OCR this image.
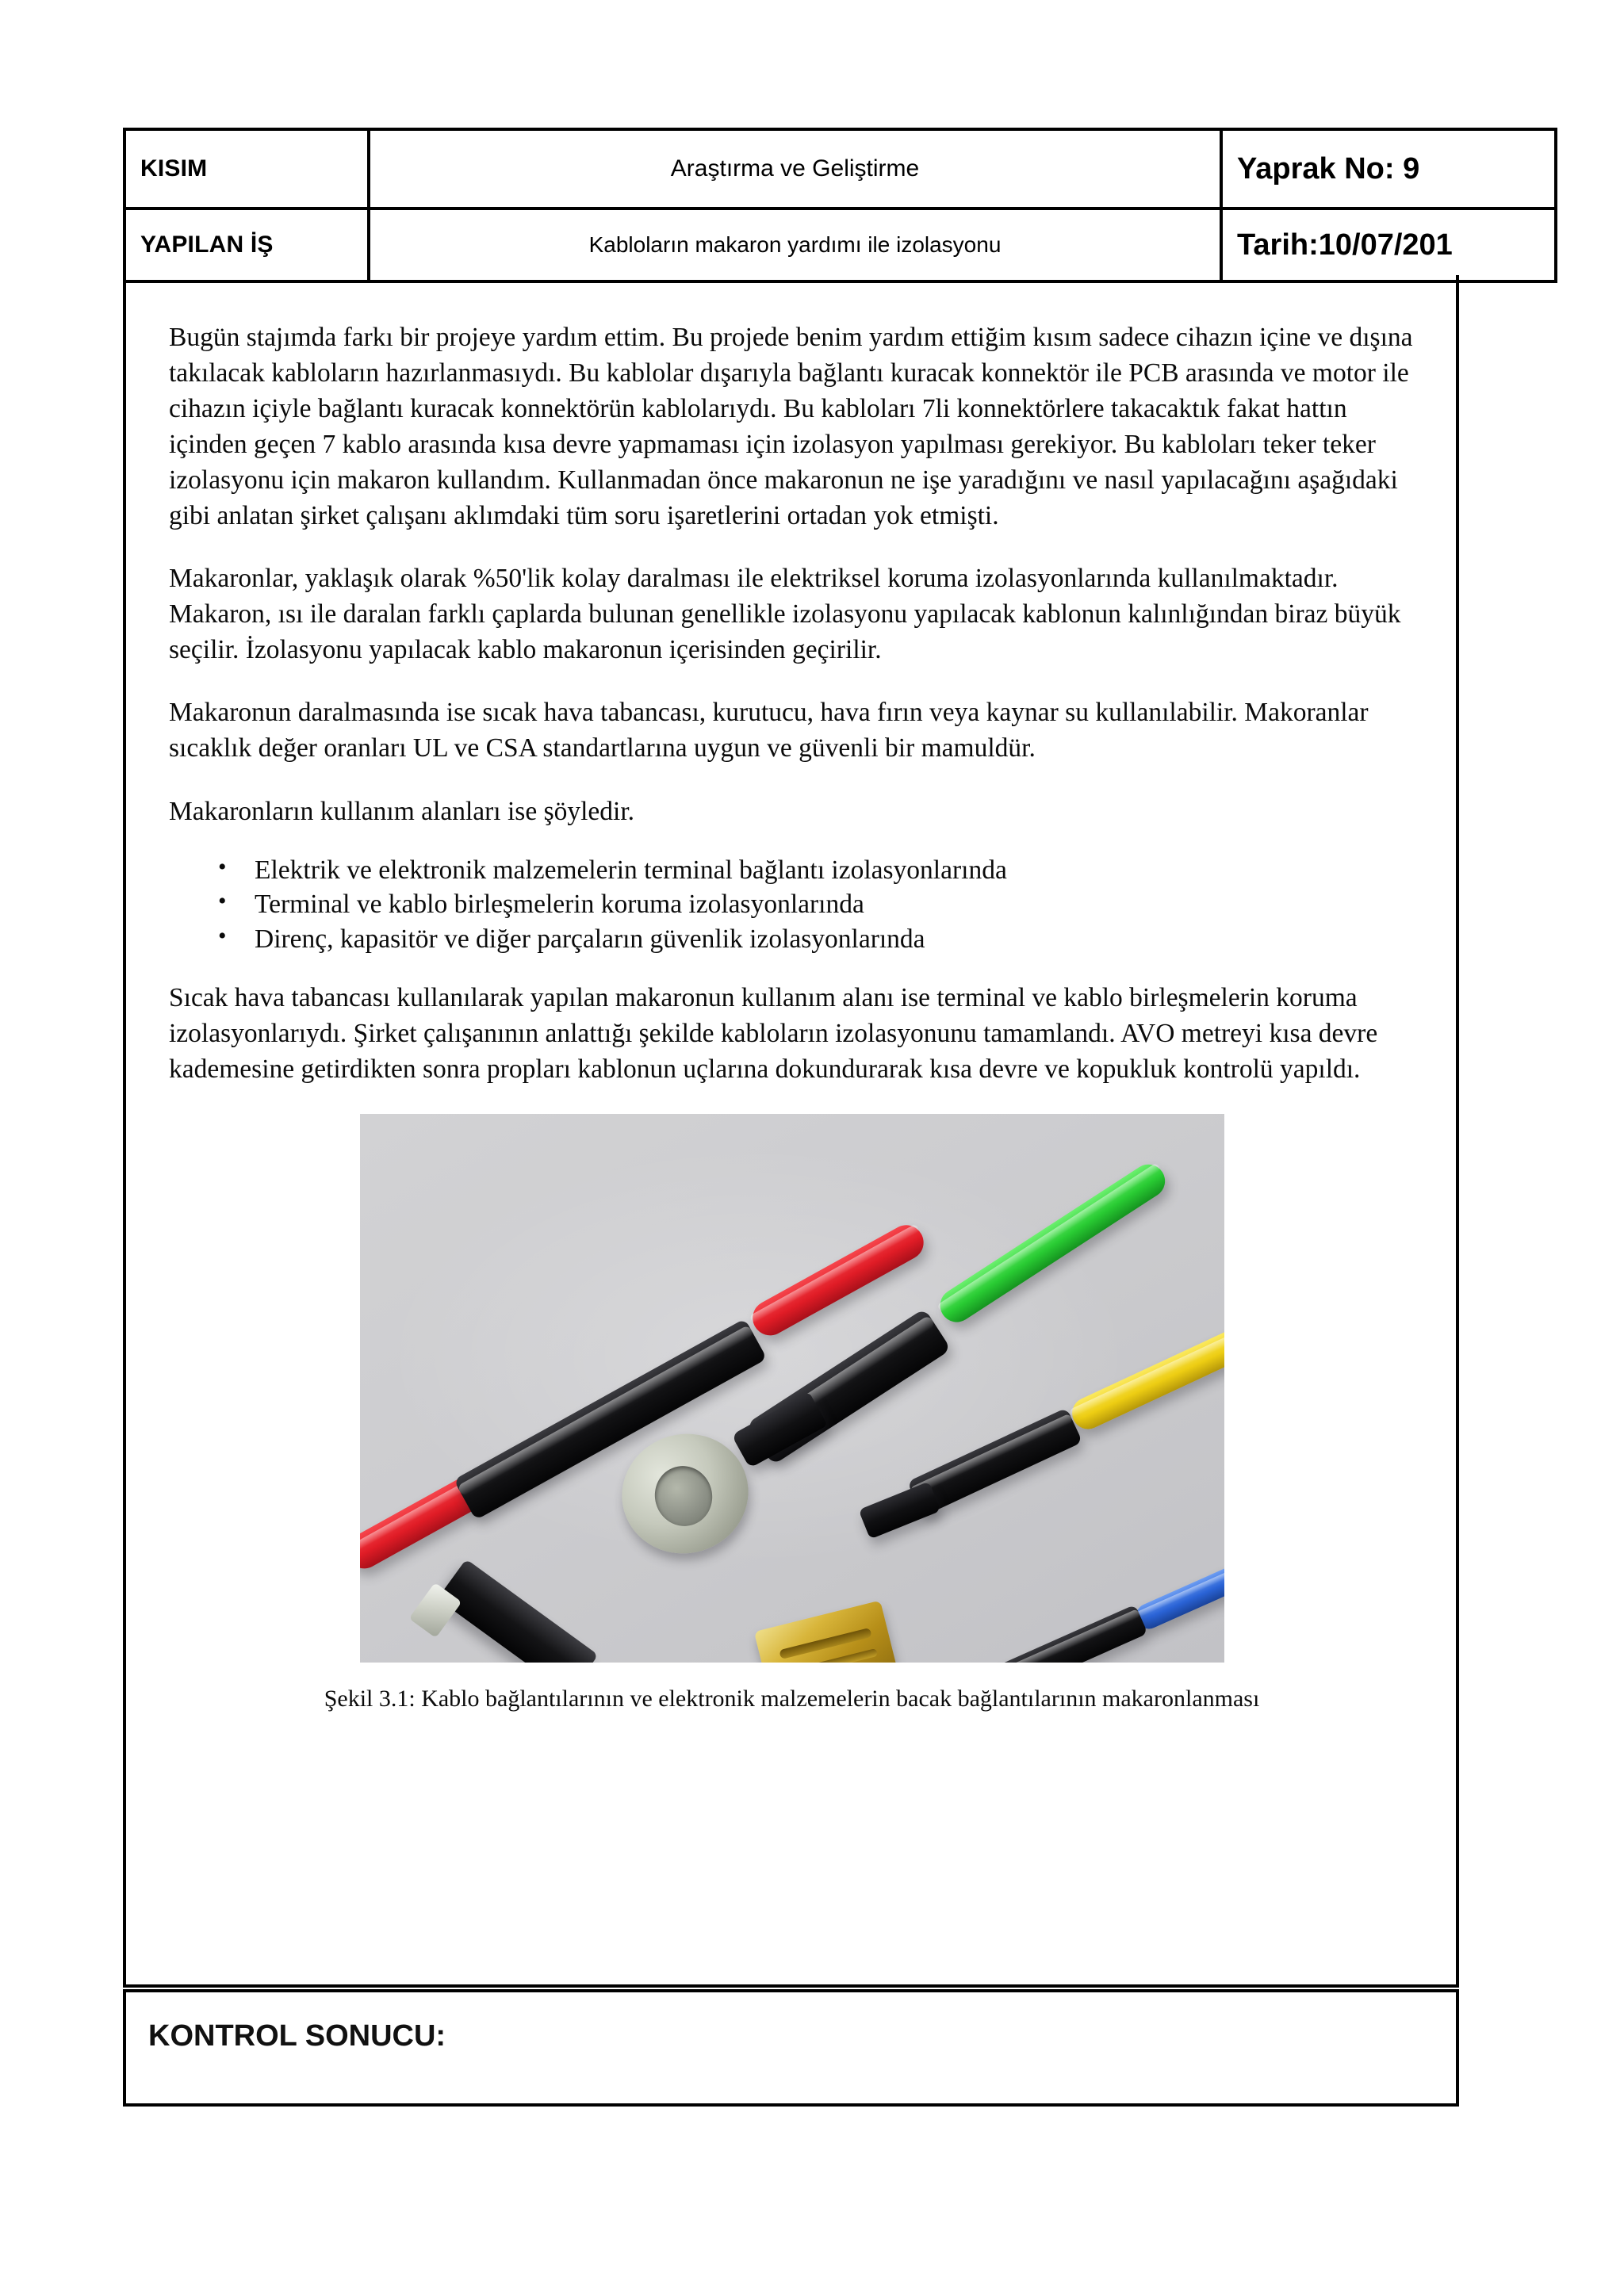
KISIM	Araştırma ve Geliştirme	Yaprak No: 9
YAPILAN İŞ	Kabloların makaron yardımı ile izolasyonu	Tarih:10/07/201

Bugün stajımda farkı bir projeye yardım ettim. Bu projede benim yardım ettiğim kısım sadece cihazın içine ve dışına takılacak kabloların hazırlanmasıydı. Bu kablolar dışarıyla bağlantı kuracak konnektör ile PCB arasında ve motor ile cihazın içiyle bağlantı kuracak konnektörün kablolarıydı. Bu kabloları 7li konnektörlere takacaktık fakat hattın içinden geçen 7 kablo arasında kısa devre yapmaması için izolasyon yapılması gerekiyor. Bu kabloları teker teker izolasyonu için makaron kullandım. Kullanmadan önce makaronun ne işe yaradığını ve nasıl yapılacağını aşağıdaki gibi anlatan şirket çalışanı aklımdaki tüm soru işaretlerini ortadan yok etmişti.

Makaronlar, yaklaşık olarak %50'lik kolay daralması ile elektriksel koruma izolasyonlarında kullanılmaktadır. Makaron, ısı ile daralan farklı çaplarda bulunan genellikle izolasyonu yapılacak kablonun kalınlığından biraz büyük seçilir. İzolasyonu yapılacak kablo makaronun içerisinden geçirilir.

Makaronun daralmasında ise sıcak hava tabancası, kurutucu, hava fırın veya kaynar su kullanılabilir. Makoranlar sıcaklık değer oranları UL ve CSA standartlarına uygun ve güvenli bir mamuldür.

Makaronların kullanım alanları ise şöyledir.

• Elektrik ve elektronik malzemelerin terminal bağlantı izolasyonlarında
• Terminal ve kablo birleşmelerin koruma izolasyonlarında
• Direnç, kapasitör ve diğer parçaların güvenlik izolasyonlarında

Sıcak hava tabancası kullanılarak yapılan makaronun kullanım alanı ise terminal ve kablo birleşmelerin koruma izolasyonlarıydı. Şirket çalışanının anlattığı şekilde kabloların izolasyonunu tamamlandı. AVO metreyi kısa devre kademesine getirdikten sonra propları kablonun uçlarına dokundurarak kısa devre ve kopukluk kontrolü yapıldı.

Şekil 3.1: Kablo bağlantılarının ve elektronik malzemelerin bacak bağlantılarının makaronlanması
KONTROL SONUCU:
